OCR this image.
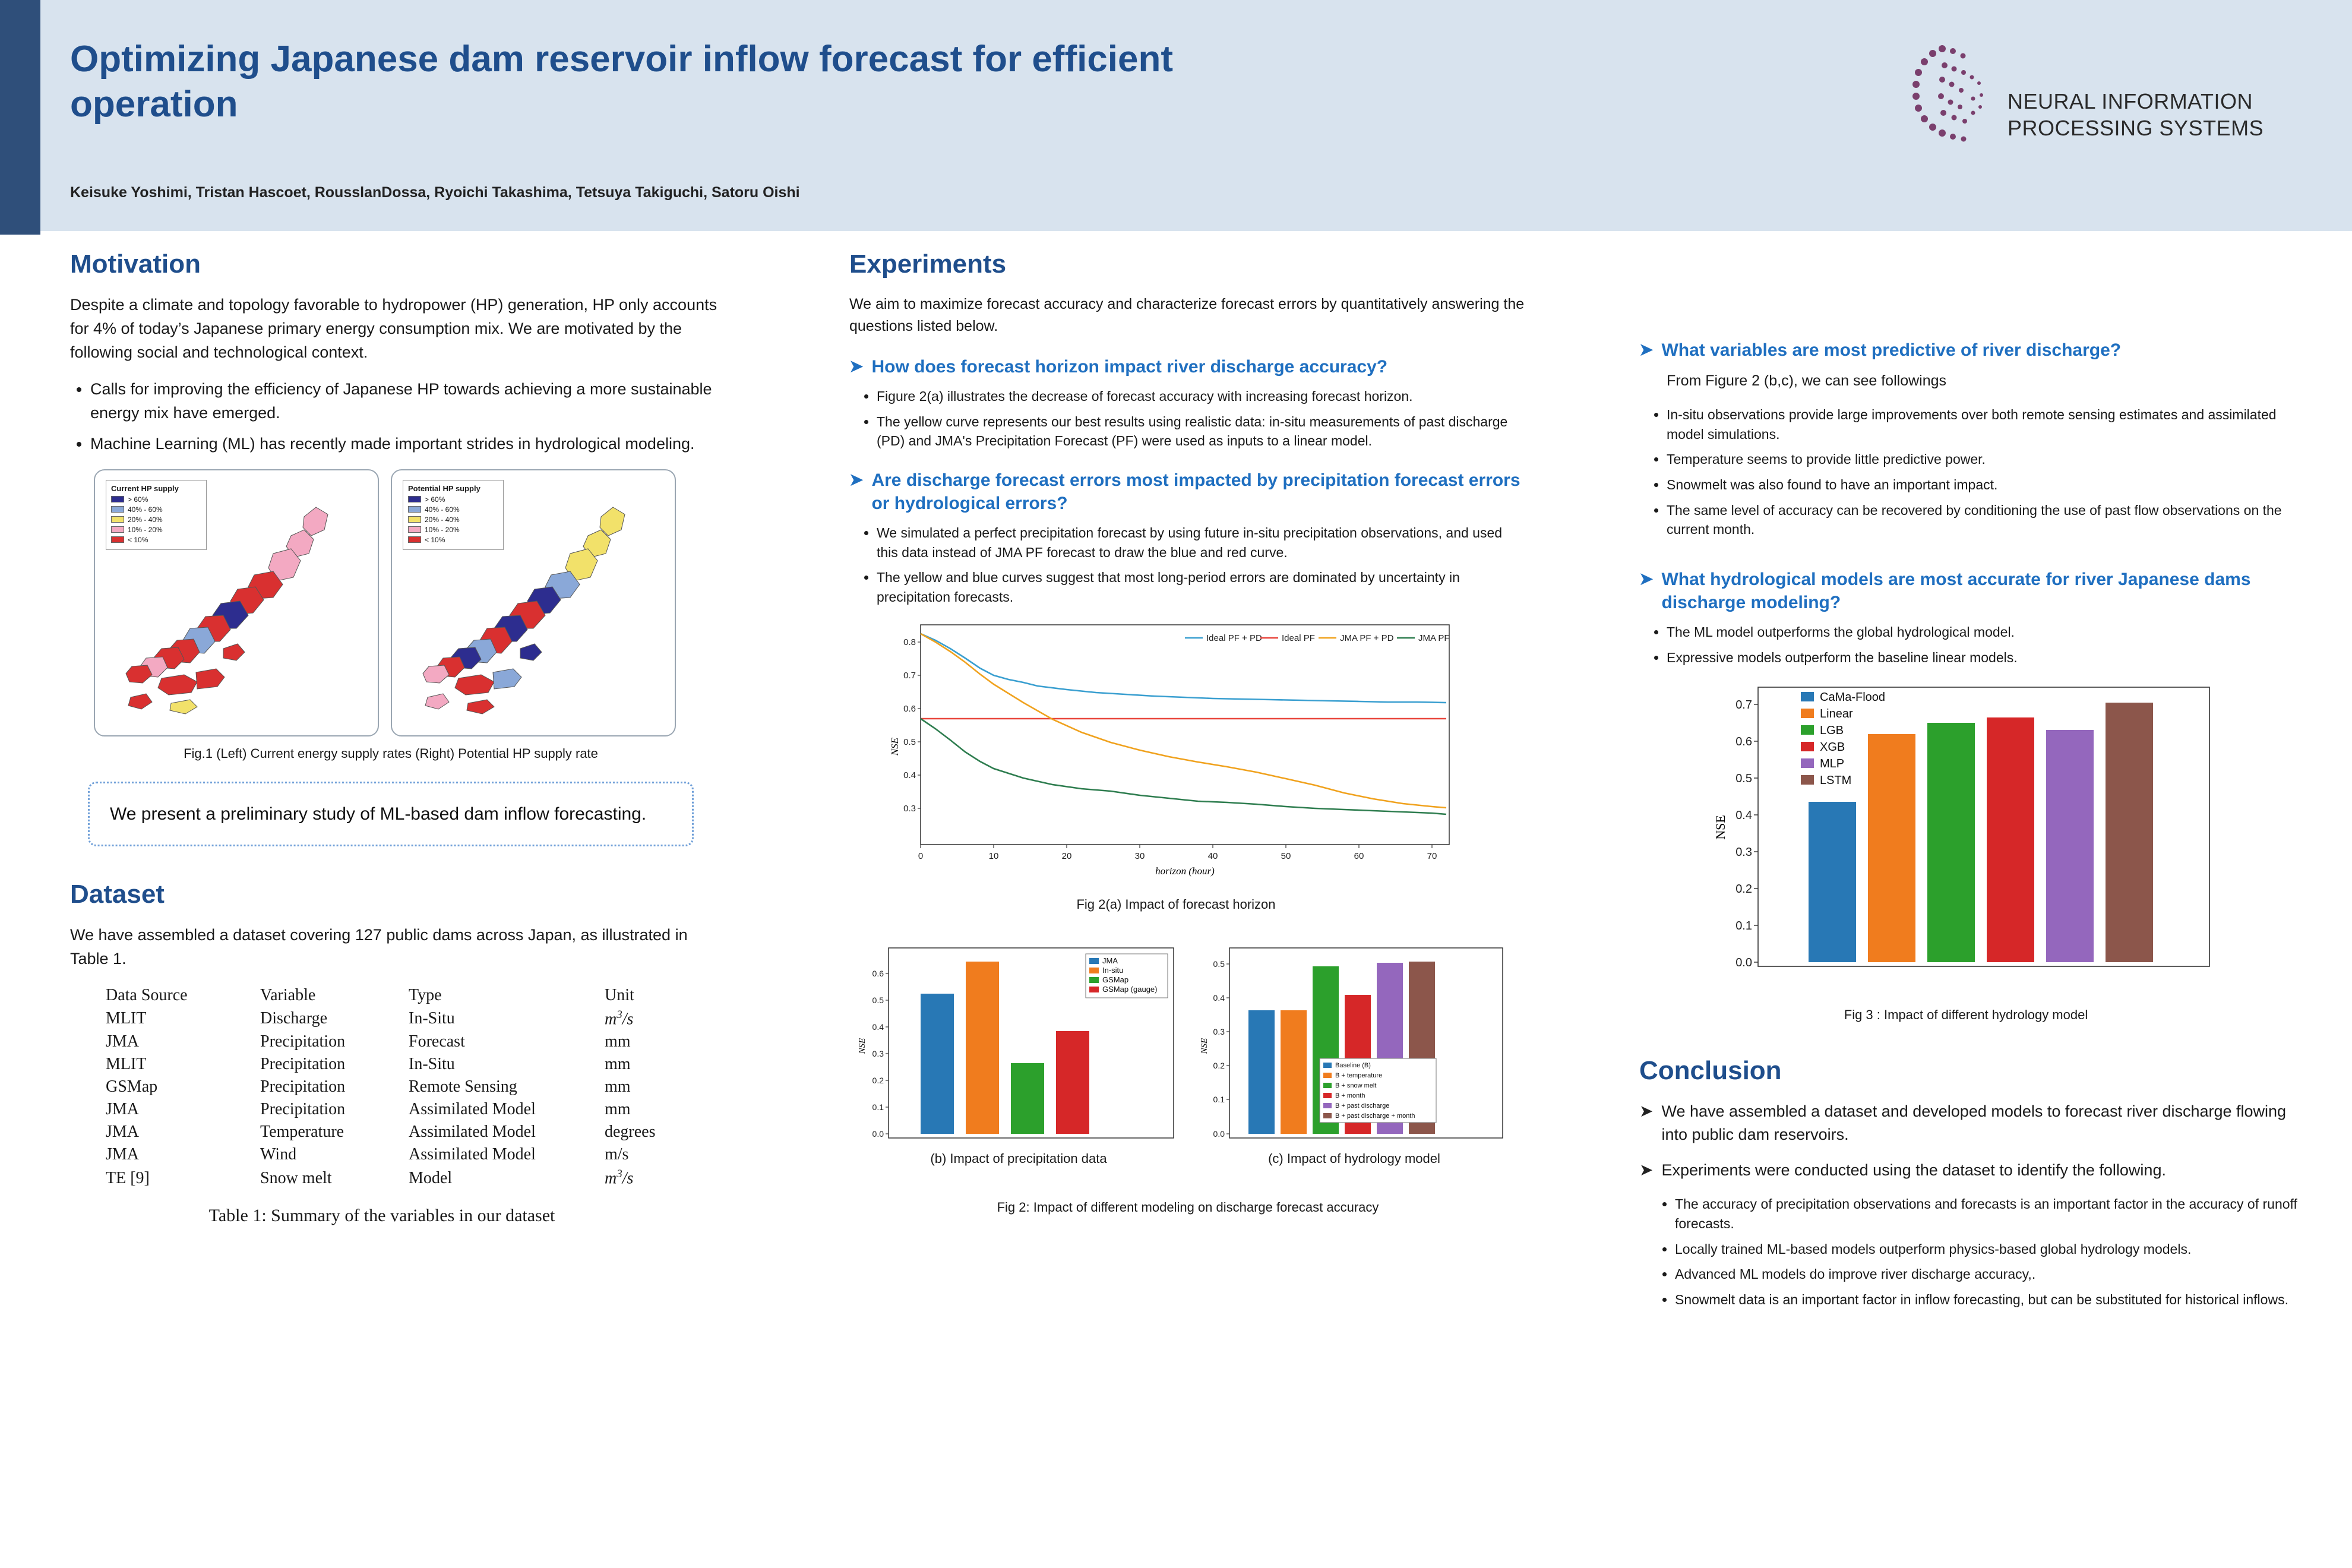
Optimizing Japanese dam reservoir inflow forecast for efficient operation
Keisuke Yoshimi, Tristan Hascoet, RousslanDossa, Ryoichi Takashima, Tetsuya Takiguchi, Satoru Oishi
NEURAL INFORMATION
PROCESSING SYSTEMS
Motivation

Despite a climate and topology favorable to hydropower (HP) generation, HP only accounts for 4% of today’s Japanese primary energy consumption mix. We are motivated by the following social and technological context.

• Calls for improving the efficiency of Japanese HP towards achieving a more sustainable energy mix have emerged.
• Machine Learning (ML) has recently made important strides in hydrological modeling.
Current HP supply
> 60%
40% - 60%
20% - 40%
10% - 20%
< 10%
Potential HP supply
> 60%
40% - 60%
20% - 40%
10% - 20%
< 10%
Fig.1 (Left) Current energy supply rates (Right) Potential HP supply rate
We present a preliminary study of ML-based dam inflow forecasting.
Dataset

We have assembled a dataset covering 127 public dams across Japan, as illustrated in Table 1.

Data Source	Variable	Type	Unit
MLIT	Discharge	In-Situ	$m^3/s$
JMA	Precipitation	Forecast	mm
MLIT	Precipitation	In-Situ	mm
GSMap	Precipitation	Remote Sensing	mm
JMA	Precipitation	Assimilated Model	mm
JMA	Temperature	Assimilated Model	degrees
JMA	Wind	Assimilated Model	m/s
TE [9]	Snow melt	Model	$m^3/s$
Table 1: Summary of the variables in our dataset
Experiments

We aim to maximize forecast accuracy and characterize forecast errors by quantitatively answering the questions listed below.

➤ How does forecast horizon impact river discharge accuracy?
• Figure 2(a) illustrates the decrease of forecast accuracy with increasing forecast horizon.
• The yellow curve represents our best results using realistic data: in-situ measurements of past discharge (PD) and JMA's Precipitation Forecast (PF) were used as inputs to a linear model.
➤ Are discharge forecast errors most impacted by precipitation forecast errors or hydrological errors?
• We simulated a perfect precipitation forecast by using future in-situ precipitation observations, and used this data instead of JMA PF forecast to draw the blue and red curve.
• The yellow and blue curves suggest that most long-period errors are dominated by uncertainty in precipitation forecasts.
0.8
0.7
0.6
0.5
0.4
0.3
0	10	20	30	40	50	60	70
Ideal PF + PD Ideal PF	JMA PF + PD	JMA PF
NSE
horizon (hour)
Fig 2(a) Impact of forecast horizon
0.6
0.5
0.4
0.3
0.2
0.1
0.0
NSE
JMA
In-situ
GSMap
GSMap (gauge)
(b) Impact of precipitation data
0.5
0.4
0.3
0.2
0.1
0.0
NSE
Baseline (B)
B + temperature
B + snow melt
B + month
B + past discharge
B + past discharge + month
(c) Impact of hydrology model
Fig 2: Impact of different modeling on discharge forecast accuracy
➤ What variables are most predictive of river discharge?

From Figure 2 (b,c), we can see followings

• In-situ observations provide large improvements over both remote sensing estimates and assimilated model simulations.
• Temperature seems to provide little predictive power.
• Snowmelt was also found to have an important impact.
• The same level of accuracy can be recovered by conditioning the use of past flow observations on the current month.
➤ What hydrological models are most accurate for river Japanese dams discharge modeling?
• The ML model outperforms the global hydrological model.
• Expressive models outperform the baseline linear models.
0.7
0.6
0.5
0.4
0.3
0.2
0.1
0.0
NSE
CaMa-Flood
Linear
LGB
XGB
MLP
LSTM
Fig 3 : Impact of different hydrology model
Conclusion
➤ We have assembled a dataset and developed models to forecast river discharge flowing into public dam reservoirs.
➤ Experiments were conducted using the dataset to identify the following.
• The accuracy of precipitation observations and forecasts is an important factor in the accuracy of runoff forecasts.
• Locally trained ML-based models outperform physics-based global hydrology models.
• Advanced ML models do improve river discharge accuracy,.
• Snowmelt data is an important factor in inflow forecasting, but can be substituted for historical inflows.
